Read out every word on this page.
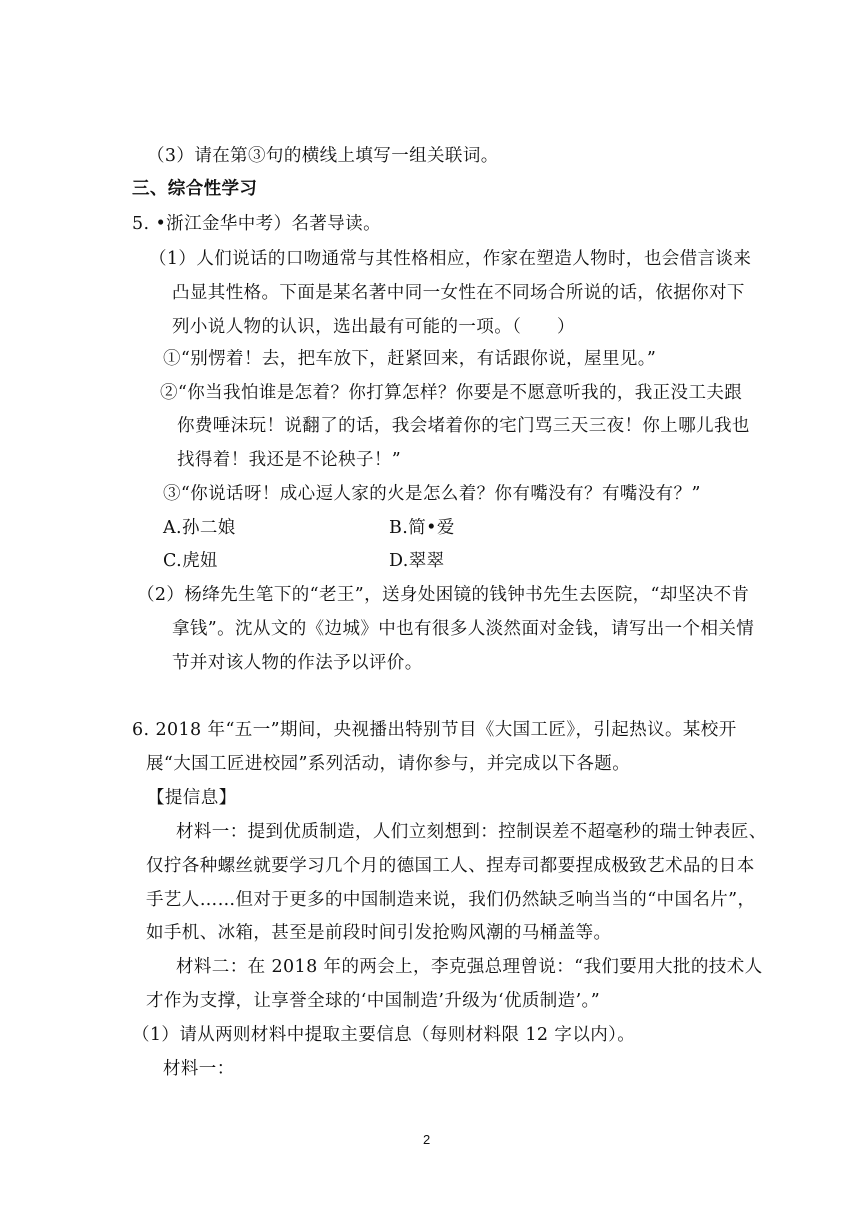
（3）请在第③句的横线上填写一组关联词。
三、综合性学习
5. •浙江金华中考）名著导读。
（1）人们说话的口吻通常与其性格相应，作家在塑造人物时，也会借言谈来
凸显其性格。下面是某名著中同一女性在不同场合所说的话，依据你对下
列小说人物的认识，选出最有可能的一项。（　　）
①“别愣着！去，把车放下，赶紧回来，有话跟你说，屋里见。”
②“你当我怕谁是怎着？你打算怎样？你要是不愿意听我的，我正没工夫跟
你费唾沫玩！说翻了的话，我会堵着你的宅门骂三天三夜！你上哪儿我也
找得着！我还是不论秧子！”
③“你说话呀！成心逗人家的火是怎么着？你有嘴没有？有嘴没有？”
A.孙二娘	B.简•爱
C.虎妞	D.翠翠
（2）杨绛先生笔下的“老王”，送身处困镜的钱钟书先生去医院，“却坚决不肯
拿钱”。沈从文的《边城》中也有很多人淡然面对金钱，请写出一个相关情
节并对该人物的作法予以评价。
6. 2018 年“五一”期间，央视播出特别节目《大国工匠》，引起热议。某校开
展“大国工匠进校园”系列活动，请你参与，并完成以下各题。
【提信息】
材料一：提到优质制造，人们立刻想到：控制误差不超毫秒的瑞士钟表匠、
仅拧各种螺丝就要学习几个月的德国工人、捏寿司都要捏成极致艺术品的日本
手艺人……但对于更多的中国制造来说，我们仍然缺乏响当当的“中国名片”，
如手机、冰箱，甚至是前段时间引发抢购风潮的马桶盖等。
材料二：在 2018 年的两会上，李克强总理曾说：“我们要用大批的技术人
才作为支撑，让享誉全球的‘中国制造’升级为‘优质制造’。”
（1）请从两则材料中提取主要信息（每则材料限 12 字以内）。
材料一：
2
